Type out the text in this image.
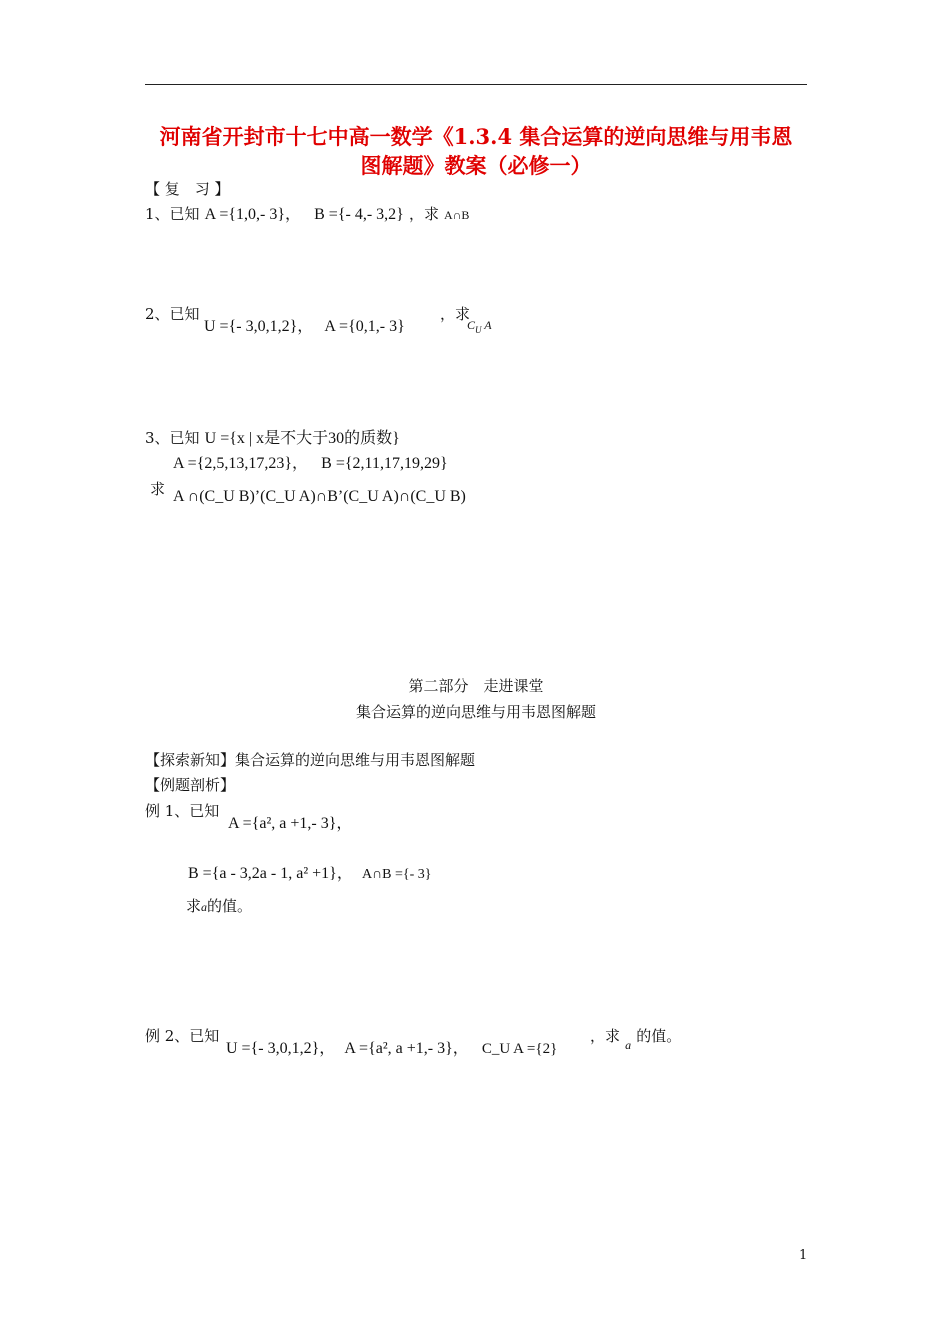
河南省开封市十七中高一数学《1.3.4 集合运算的逆向思维与用韦恩
图解题》教案（必修一）
【 复　习 】
1、已知 A ={1,0,- 3}， B ={- 4,- 3,2} ，求 A∩B
2、已知
U ={- 3,0,1,2}， A ={0,1,- 3}
，求
$C_U$ A
3、已知 U ={x | x是不大于30的质数}
A ={2,5,13,17,23}， B ={2,11,17,19,29}
求 A ∩(C_U B)’(C_U A)∩B’(C_U A)∩(C_U B)
第二部分　走进课堂
集合运算的逆向思维与用韦恩图解题
【探索新知】集合运算的逆向思维与用韦恩图解题
【例题剖析】
例 1、已知
A ={a², a +1,- 3}，
B ={a - 3,2a - 1, a² +1}， A∩B ={- 3}
求a的值。
例 2、已知
U ={- 3,0,1,2}， A ={a², a +1,- 3}， C_U A ={2}
，求 $_a$ 的值。
1
